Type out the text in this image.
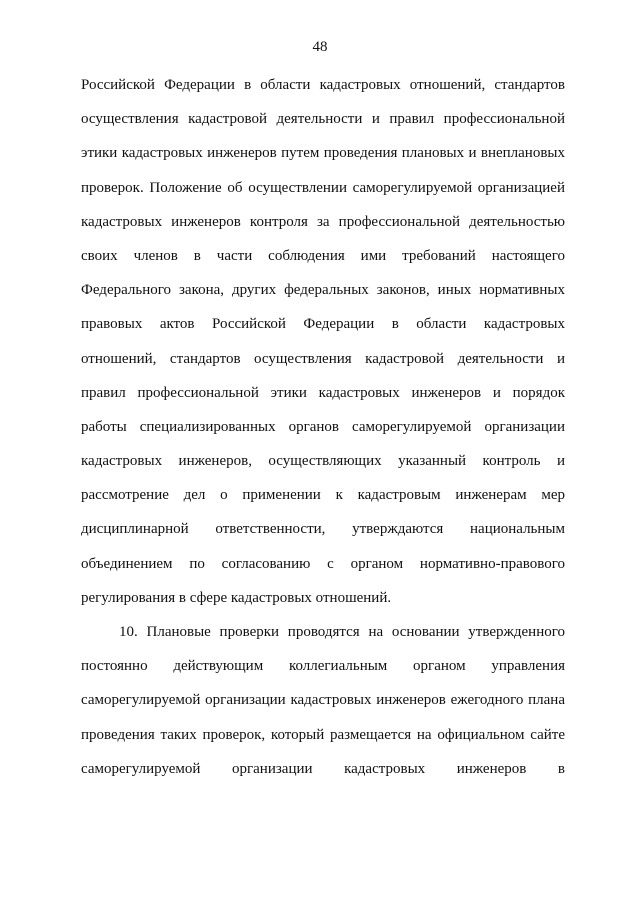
48
Российской Федерации в области кадастровых отношений, стандартов
осуществления кадастровой деятельности и правил профессиональной
этики кадастровых инженеров путем проведения плановых и внеплановых
проверок. Положение об осуществлении саморегулируемой организацией
кадастровых инженеров контроля за профессиональной деятельностью
своих членов в части соблюдения ими требований настоящего
Федерального закона, других федеральных законов, иных нормативных
правовых актов Российской Федерации в области кадастровых
отношений, стандартов осуществления кадастровой деятельности и
правил профессиональной этики кадастровых инженеров и порядок
работы специализированных органов саморегулируемой организации
кадастровых инженеров, осуществляющих указанный контроль и
рассмотрение дел о применении к кадастровым инженерам мер
дисциплинарной ответственности, утверждаются национальным
объединением по согласованию с органом нормативно-правового
регулирования в сфере кадастровых отношений.
10. Плановые проверки проводятся на основании утвержденного
постоянно действующим коллегиальным органом управления
саморегулируемой организации кадастровых инженеров ежегодного плана
проведения таких проверок, который размещается на официальном сайте
саморегулируемой организации кадастровых инженеров в
